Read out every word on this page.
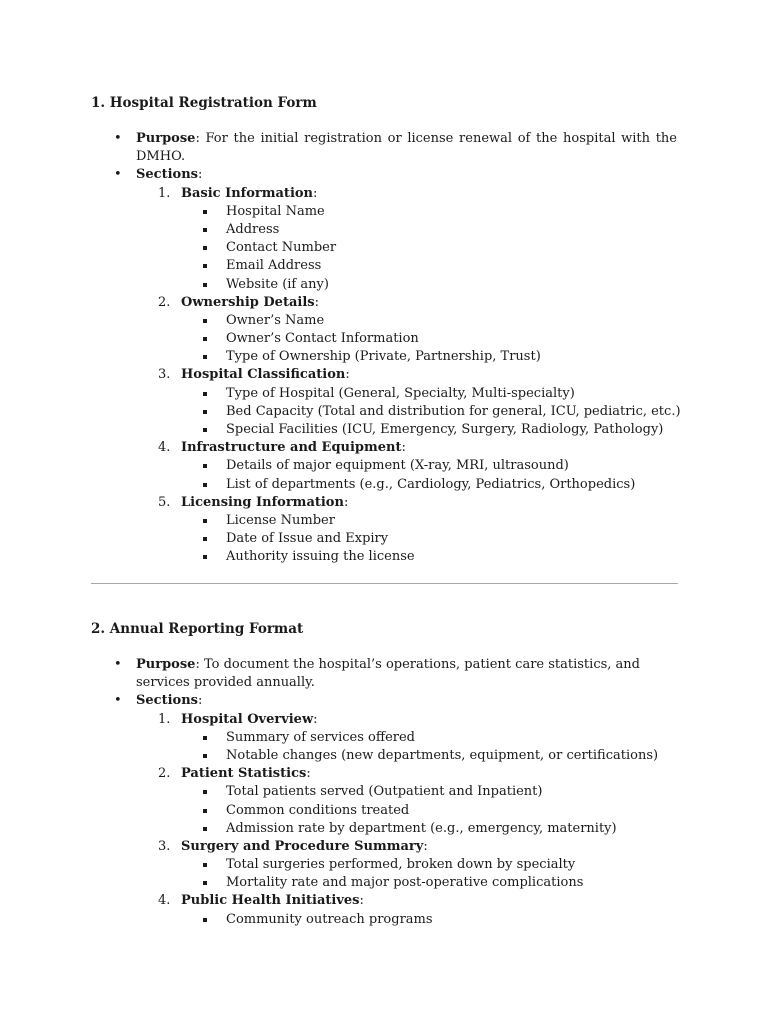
1. Hospital Registration Form
• Purpose: For the initial registration or license renewal of the hospital with the DMHO.
• Sections:
1. Basic Information:
Hospital Name
Address
Contact Number
Email Address
Website (if any)
2. Ownership Details:
Owner’s Name
Owner’s Contact Information
Type of Ownership (Private, Partnership, Trust)
3. Hospital Classification:
Type of Hospital (General, Specialty, Multi-specialty)
Bed Capacity (Total and distribution for general, ICU, pediatric, etc.)
Special Facilities (ICU, Emergency, Surgery, Radiology, Pathology)
4. Infrastructure and Equipment:
Details of major equipment (X-ray, MRI, ultrasound)
List of departments (e.g., Cardiology, Pediatrics, Orthopedics)
5. Licensing Information:
License Number
Date of Issue and Expiry
Authority issuing the license
2. Annual Reporting Format
• Purpose: To document the hospital’s operations, patient care statistics, and services provided annually.
• Sections:
1. Hospital Overview:
Summary of services offered
Notable changes (new departments, equipment, or certifications)
2. Patient Statistics:
Total patients served (Outpatient and Inpatient)
Common conditions treated
Admission rate by department (e.g., emergency, maternity)
3. Surgery and Procedure Summary:
Total surgeries performed, broken down by specialty
Mortality rate and major post-operative complications
4. Public Health Initiatives:
Community outreach programs
